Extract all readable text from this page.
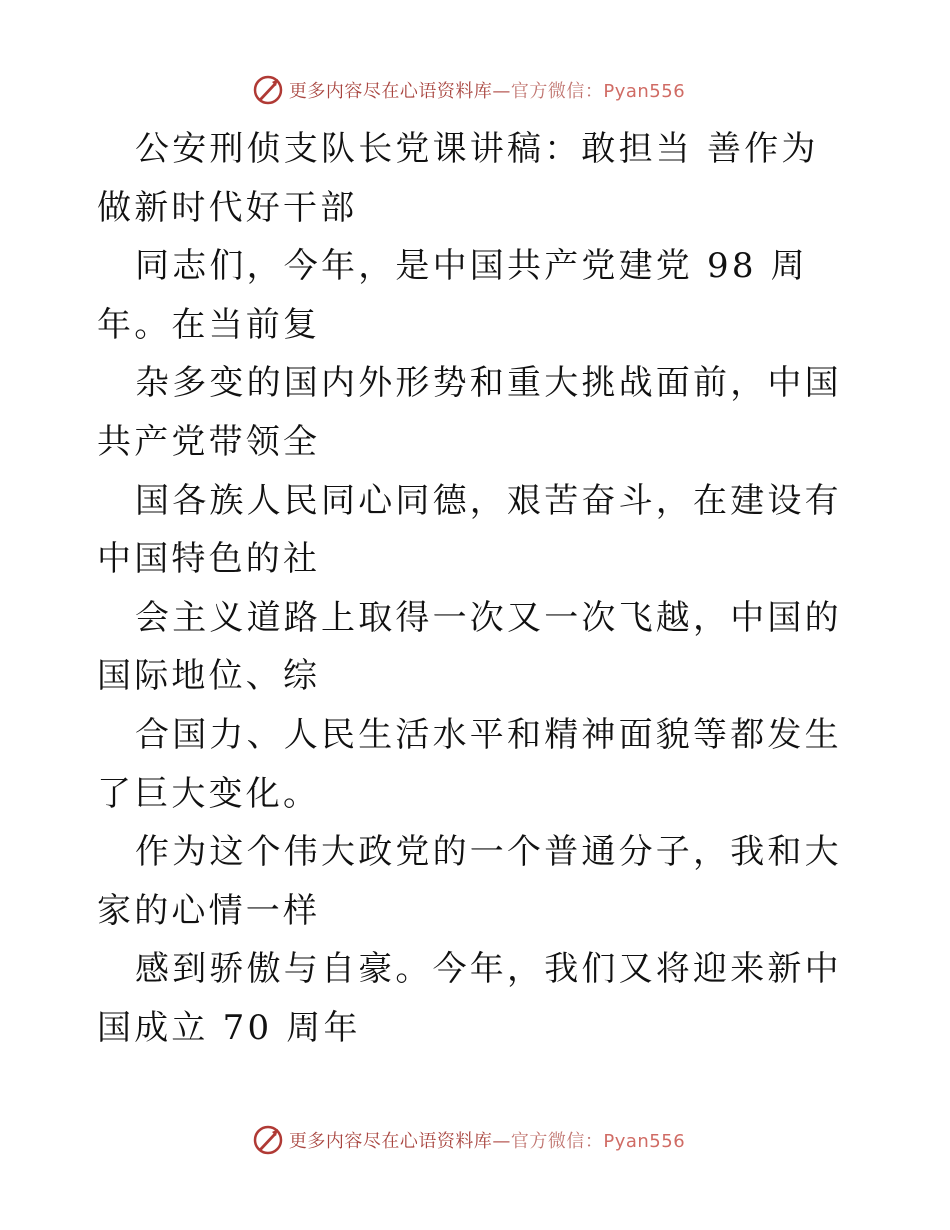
更多内容尽在心语资料库—官方微信：Pyan556

公安刑侦支队长党课讲稿：敢担当 善作为 做新时代好干部

同志们，今年，是中国共产党建党 98 周年。在当前复

杂多变的国内外形势和重大挑战面前，中国共产党带领全

国各族人民同心同德，艰苦奋斗，在建设有中国特色的社

会主义道路上取得一次又一次飞越，中国的国际地位、综

合国力、人民生活水平和精神面貌等都发生了巨大变化。

作为这个伟大政党的一个普通分子，我和大家的心情一样

感到骄傲与自豪。今年，我们又将迎来新中国成立 70 周年

更多内容尽在心语资料库—官方微信：Pyan556
